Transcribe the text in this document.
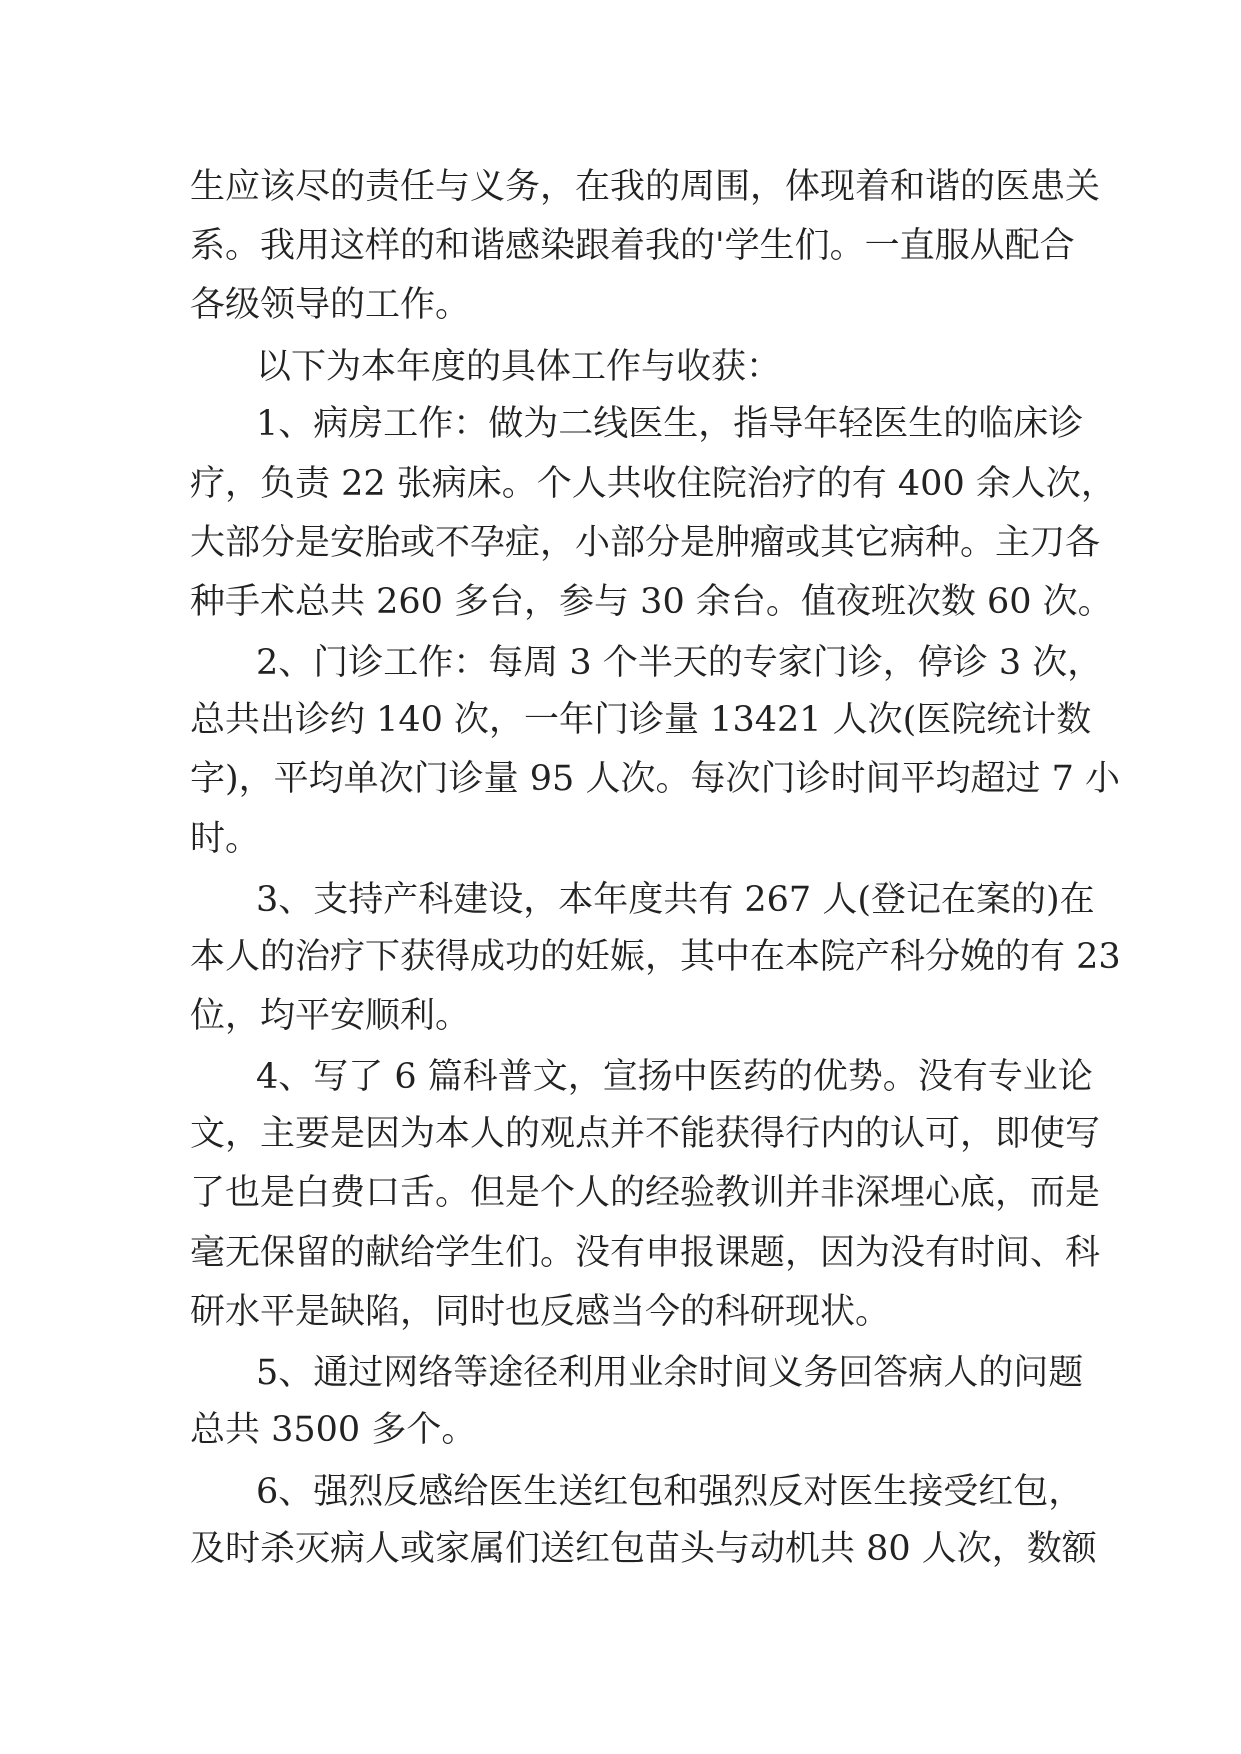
生应该尽的责任与义务，在我的周围，体现着和谐的医患关
系。我用这样的和谐感染跟着我的'学生们。一直服从配合
各级领导的工作。
以下为本年度的具体工作与收获：
1、病房工作：做为二线医生，指导年轻医生的临床诊
疗，负责 22 张病床。个人共收住院治疗的有 400 余人次，
大部分是安胎或不孕症，小部分是肿瘤或其它病种。主刀各
种手术总共 260 多台，参与 30 余台。值夜班次数 60 次。
2、门诊工作：每周 3 个半天的专家门诊，停诊 3 次，
总共出诊约 140 次，一年门诊量 13421 人次(医院统计数
字)，平均单次门诊量 95 人次。每次门诊时间平均超过 7 小
时。
3、支持产科建设，本年度共有 267 人(登记在案的)在
本人的治疗下获得成功的妊娠，其中在本院产科分娩的有 23
位，均平安顺利。
4、写了 6 篇科普文，宣扬中医药的优势。没有专业论
文，主要是因为本人的观点并不能获得行内的认可，即使写
了也是白费口舌。但是个人的经验教训并非深埋心底，而是
毫无保留的献给学生们。没有申报课题，因为没有时间、科
研水平是缺陷，同时也反感当今的科研现状。
5、通过网络等途径利用业余时间义务回答病人的问题
总共 3500 多个。
6、强烈反感给医生送红包和强烈反对医生接受红包，
及时杀灭病人或家属们送红包苗头与动机共 80 人次，数额
